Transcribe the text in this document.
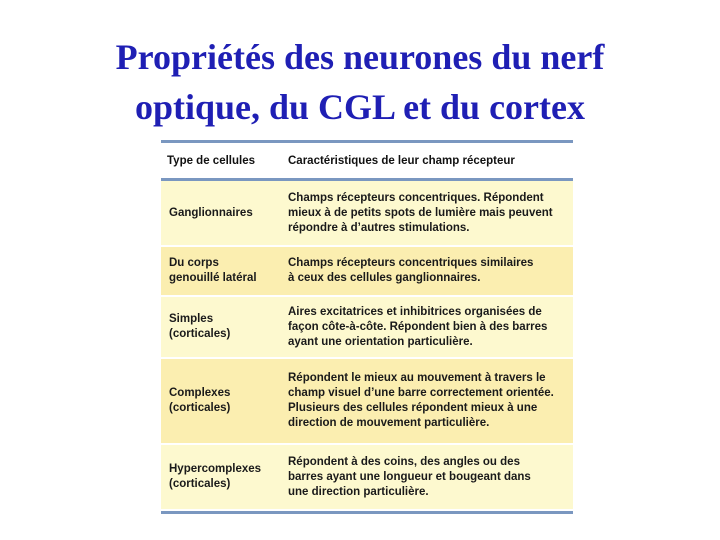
Propriétés des neurones du nerf
optique, du CGL et du cortex
Type de cellules	Caractéristiques de leur champ récepteur
Ganglionnaires
Champs récepteurs concentriques. Répondent
mieux à de petits spots de lumière mais peuvent
répondre à d’autres stimulations.
Du corps
genouillé latéral
Champs récepteurs concentriques similaires
à ceux des cellules ganglionnaires.
Simples
(corticales)
Aires excitatrices et inhibitrices organisées de
façon côte-à-côte. Répondent bien à des barres
ayant une orientation particulière.
Complexes
(corticales)
Répondent le mieux au mouvement à travers le
champ visuel d’une barre correctement orientée.
Plusieurs des cellules répondent mieux à une
direction de mouvement particulière.
Hypercomplexes
(corticales)
Répondent à des coins, des angles ou des
barres ayant une longueur et bougeant dans
une direction particulière.
